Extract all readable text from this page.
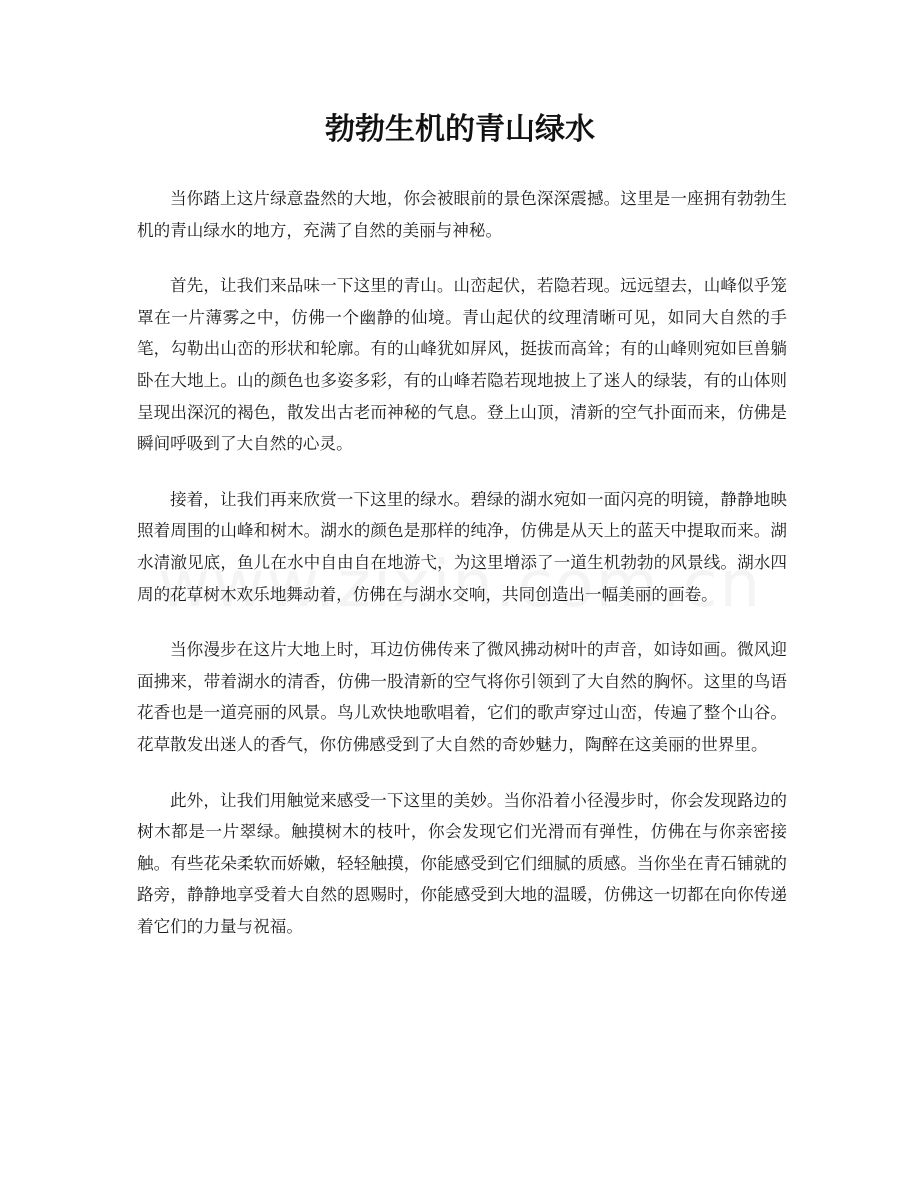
勃勃生机的青山绿水

当你踏上这片绿意盎然的大地，你会被眼前的景色深深震撼。这里是一座拥有勃勃生机的青山绿水的地方，充满了自然的美丽与神秘。

首先，让我们来品味一下这里的青山。山峦起伏，若隐若现。远远望去，山峰似乎笼罩在一片薄雾之中，仿佛一个幽静的仙境。青山起伏的纹理清晰可见，如同大自然的手笔，勾勒出山峦的形状和轮廓。有的山峰犹如屏风，挺拔而高耸；有的山峰则宛如巨兽躺卧在大地上。山的颜色也多姿多彩，有的山峰若隐若现地披上了迷人的绿装，有的山体则呈现出深沉的褐色，散发出古老而神秘的气息。登上山顶，清新的空气扑面而来，仿佛是瞬间呼吸到了大自然的心灵。

接着，让我们再来欣赏一下这里的绿水。碧绿的湖水宛如一面闪亮的明镜，静静地映照着周围的山峰和树木。湖水的颜色是那样的纯净，仿佛是从天上的蓝天中提取而来。湖水清澈见底，鱼儿在水中自由自在地游弋，为这里增添了一道生机勃勃的风景线。湖水四周的花草树木欢乐地舞动着，仿佛在与湖水交响，共同创造出一幅美丽的画卷。

当你漫步在这片大地上时，耳边仿佛传来了微风拂动树叶的声音，如诗如画。微风迎面拂来，带着湖水的清香，仿佛一股清新的空气将你引领到了大自然的胸怀。这里的鸟语花香也是一道亮丽的风景。鸟儿欢快地歌唱着，它们的歌声穿过山峦，传遍了整个山谷。花草散发出迷人的香气，你仿佛感受到了大自然的奇妙魅力，陶醉在这美丽的世界里。

此外，让我们用触觉来感受一下这里的美妙。当你沿着小径漫步时，你会发现路边的树木都是一片翠绿。触摸树木的枝叶，你会发现它们光滑而有弹性，仿佛在与你亲密接触。有些花朵柔软而娇嫩，轻轻触摸，你能感受到它们细腻的质感。当你坐在青石铺就的路旁，静静地享受着大自然的恩赐时，你能感受到大地的温暖，仿佛这一切都在向你传递着它们的力量与祝福。
